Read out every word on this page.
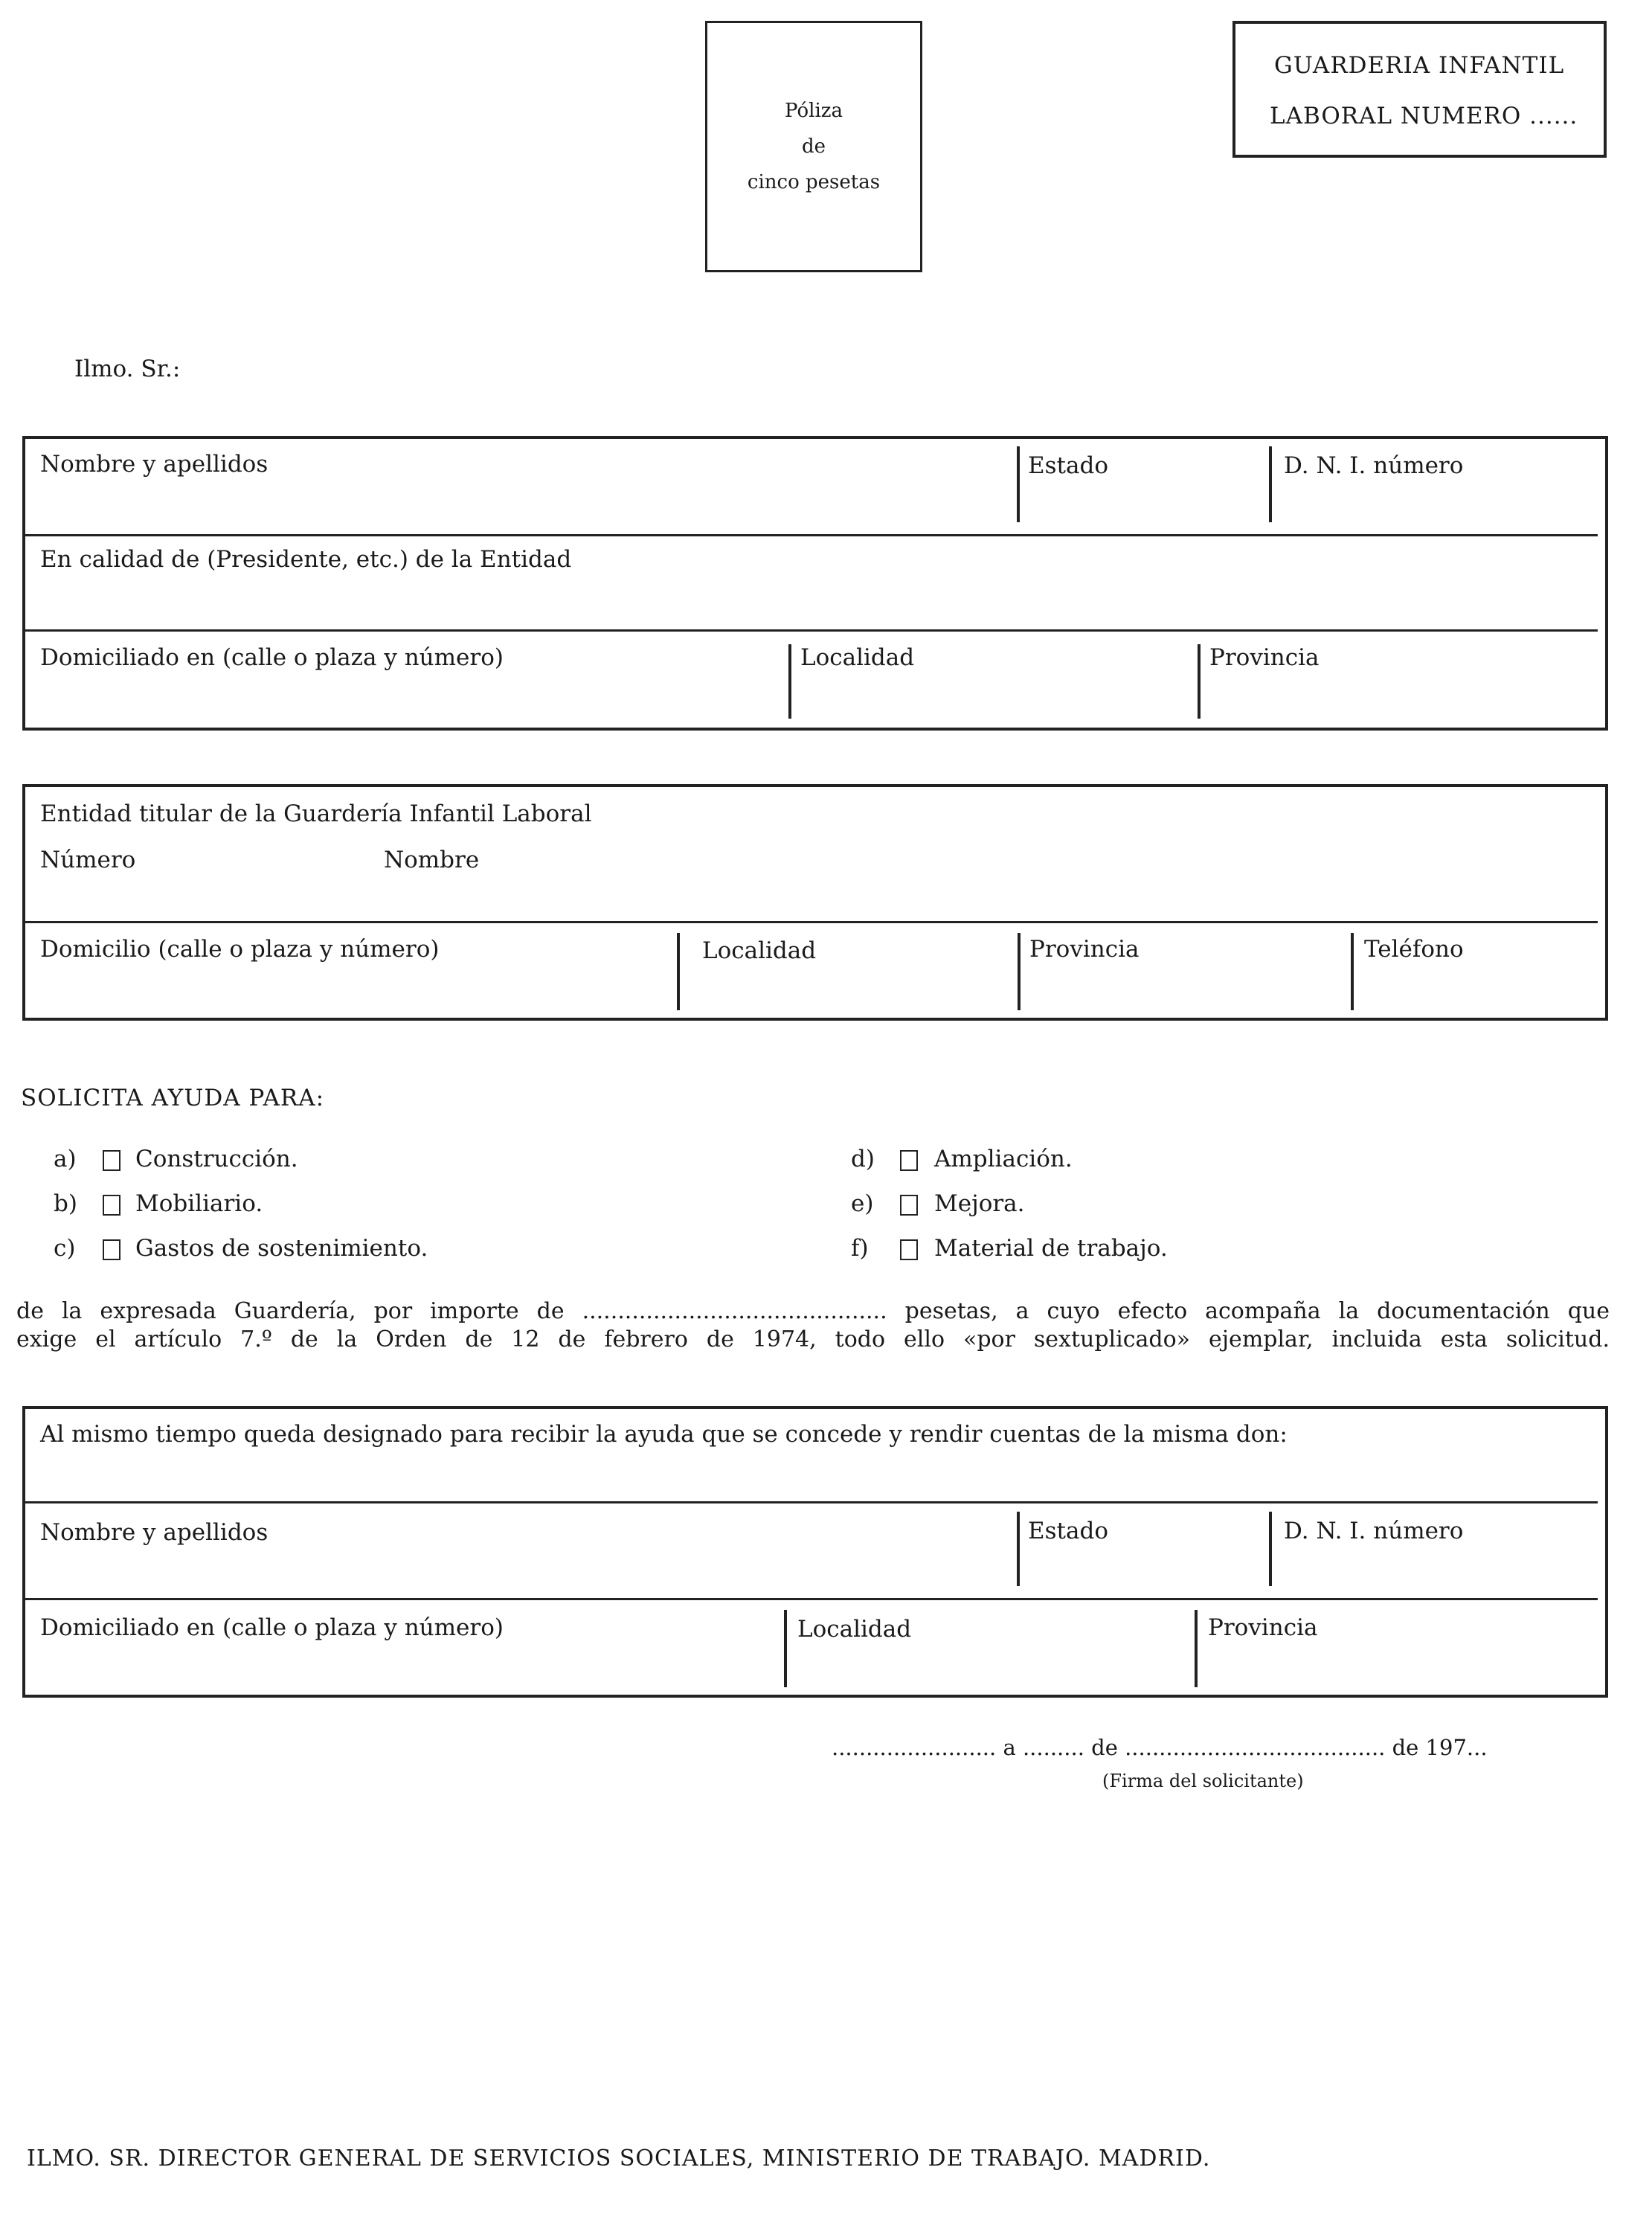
Póliza
de
cinco pesetas
GUARDERIA INFANTIL
LABORAL NUMERO ......
Ilmo. Sr.:
Nombre y apellidos	Estado	D. N. I. número
En calidad de (Presidente, etc.) de la Entidad
Domiciliado en (calle o plaza y número)	Localidad	Provincia
Entidad titular de la Guardería Infantil Laboral
Número	Nombre
Domicilio (calle o plaza y número)	Localidad	Provincia	Teléfono
SOLICITA AYUDA PARA:
a)	Construcción.
b)	Mobiliario.
c)	Gastos de sostenimiento.
d)	Ampliación.
e)	Mejora.
f)	Material de trabajo.
de la expresada Guardería, por importe de ........................................... pesetas, a cuyo efecto acompaña la documentación que
exige el artículo 7.º de la Orden de 12 de febrero de 1974, todo ello «por sextuplicado» ejemplar, incluida esta solicitud.
Al mismo tiempo queda designado para recibir la ayuda que se concede y rendir cuentas de la misma don:
Nombre y apellidos	Estado	D. N. I. número
Domiciliado en (calle o plaza y número)	Localidad	Provincia
........................ a ......... de ...................................... de 197...
(Firma del solicitante)
ILMO. SR. DIRECTOR GENERAL DE SERVICIOS SOCIALES, MINISTERIO DE TRABAJO. MADRID.
